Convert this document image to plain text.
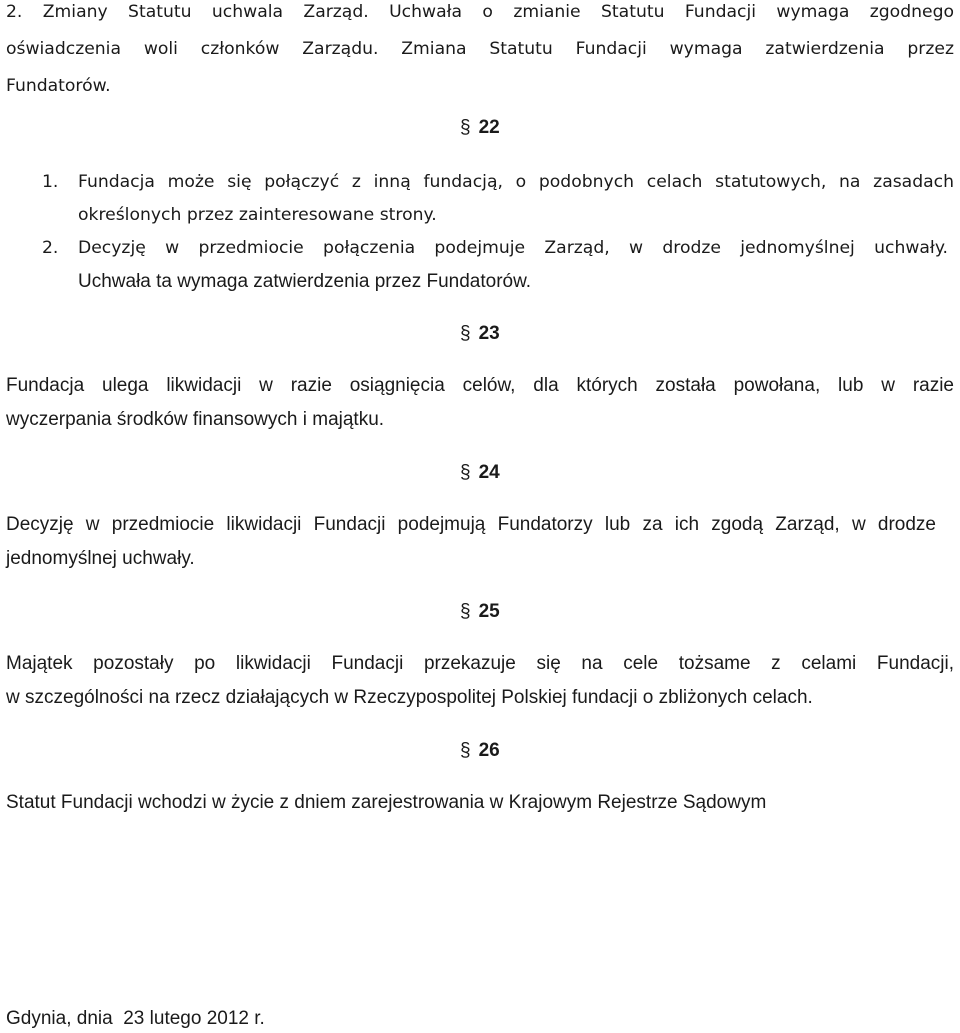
2. Zmiany Statutu uchwala Zarząd. Uchwała o zmianie Statutu Fundacji wymaga zgodnego
oświadczenia woli członków Zarządu. Zmiana Statutu Fundacji wymaga zatwierdzenia przez
Fundatorów.
§ 22
1. Fundacja może się połączyć z inną fundacją, o podobnych celach statutowych, na zasadach
określonych przez zainteresowane strony.
2. Decyzję w przedmiocie połączenia podejmuje Zarząd, w drodze jednomyślnej uchwały.
Uchwała ta wymaga zatwierdzenia przez Fundatorów.
§ 23
Fundacja ulega likwidacji w razie osiągnięcia celów, dla których została powołana, lub w razie
wyczerpania środków finansowych i majątku.
§ 24
Decyzję w przedmiocie likwidacji Fundacji podejmują Fundatorzy lub za ich zgodą Zarząd, w drodze
jednomyślnej uchwały.
§ 25
Majątek pozostały po likwidacji Fundacji przekazuje się na cele tożsame z celami Fundacji,
w szczególności na rzecz działających w Rzeczypospolitej Polskiej fundacji o zbliżonych celach.
§ 26
Statut Fundacji wchodzi w życie z dniem zarejestrowania w Krajowym Rejestrze Sądowym
Gdynia, dnia  23 lutego 2012 r.
